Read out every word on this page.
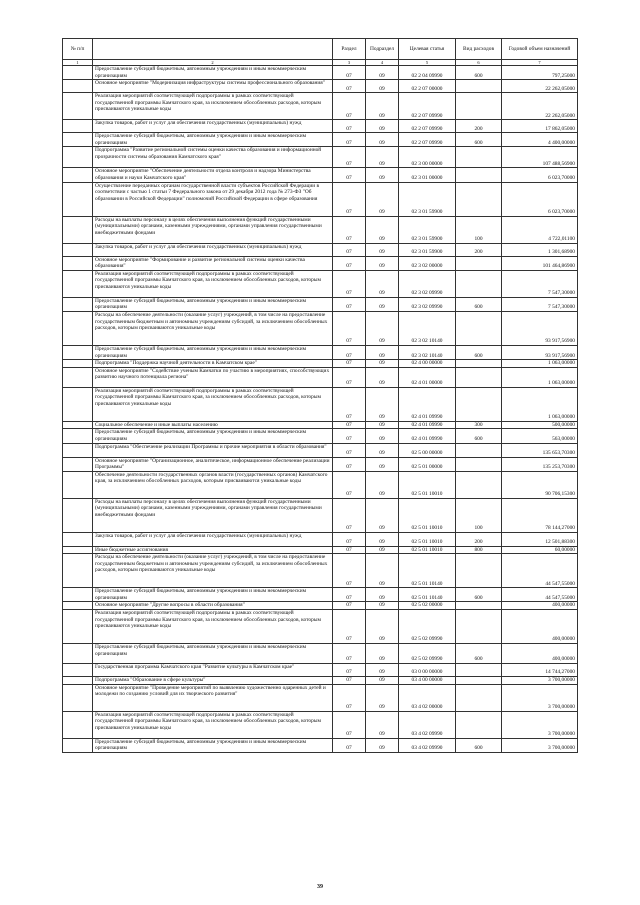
№ п/п		Раздел	Подраздел	Целевая статья	Вид расходов	Годовой объем назначений
1	2	3	4	5	6	7
	Предоставление субсидий бюджетным, автономным учреждениям и иным некоммерческим организациям	07	09	02 2 04 09990	600	797,25000
	Основное мероприятие "Модернизация инфраструктуры системы профессионального образования"	07	09	02 2 07 00000		22 262,05000
	Реализация мероприятий соответствующей подпрограммы в рамках соответствующей государственной программы Камчатского края, за исключением обособленных расходов, которым присваиваются уникальные коды	07	09	02 2 07 09990		22 262,05000
	Закупка товаров, работ и услуг для обеспечения государственных (муниципальных) нужд	07	09	02 2 07 09990	200	17 862,05000
	Предоставление субсидий бюджетным, автономным учреждениям и иным некоммерческим организациям	07	09	02 2 07 09990	600	4 400,00000
	Подпрограмма "Развитие региональной системы оценки качества образования и информационной прозрачности системы образования Камчатского края"	07	09	02 3 00 00000		107 488,56900
	Основное мероприятие "Обеспечение деятельности отдела контроля и надзора Министерства образования и науки Камчатского края"	07	09	02 3 01 00000		6 023,70000
	Осуществление переданных органам государственной власти субъектов Российской Федерации в соответствии с частью 1 статьи 7 Федерального закона от 29 декабря 2012 года № 273-ФЗ "Об образовании в Российской Федерации" полномочий Российской Федерации в сфере образования	07	09	02 3 01 59900		6 023,70000
	Расходы на выплаты персоналу в целях обеспечения выполнения функций государственными (муниципальными) органами, казенными учреждениями, органами управления государственными внебюджетными фондами	07	09	02 3 01 59900	100	4 722,01100
	Закупка товаров, работ и услуг для обеспечения государственных (муниципальных) нужд	07	09	02 3 01 59900	200	1 301,68900
	Основное мероприятие "Формирование и развитие региональной системы оценки качества образования"	07	09	02 3 02 00000		101 464,86900
	Реализация мероприятий соответствующей подпрограммы в рамках соответствующей государственной программы Камчатского края, за исключением обособленных расходов, которым присваиваются уникальные коды	07	09	02 3 02 09990		7 547,30000
	Предоставление субсидий бюджетным, автономным учреждениям и иным некоммерческим организациям	07	09	02 3 02 09990	600	7 547,30000
	Расходы на обеспечение деятельности (оказание услуг) учреждений, в том числе на предоставление государственным бюджетным и автономным учреждениям субсидий, за исключением обособленных расходов, которым присваиваются уникальные коды	07	09	02 3 02 10140		93 917,56900
	Предоставление субсидий бюджетным, автономным учреждениям и иным некоммерческим организациям	07	09	02 3 02 10140	600	93 917,56900
	Подпрограмма "Поддержка научной деятельности в Камчатском крае"	07	09	02 4 00 00000		1 063,00000
	Основное мероприятие "Содействие ученым Камчатки по участию в мероприятиях, способствующих развитию научного потенциала региона"	07	09	02 4 01 00000		1 063,00000
	Реализация мероприятий соответствующей подпрограммы в рамках соответствующей государственной программы Камчатского края, за исключением обособленных расходов, которым присваиваются уникальные коды	07	09	02 4 01 09990		1 063,00000
	Социальное обеспечение и иные выплаты населению	07	09	02 4 01 09990	300	500,00000
	Предоставление субсидий бюджетным, автономным учреждениям и иным некоммерческим организациям	07	09	02 4 01 09990	600	563,00000
	Подпрограмма "Обеспечение реализации Программы и прочие мероприятия в области образования"	07	09	02 5 00 00000		135 653,70300
	Основное мероприятие "Организационное, аналитическое, информационное обеспечение реализации Программы"	07	09	02 5 01 00000		135 253,70300
	Обеспечение деятельности государственных органов власти (государственных органов) Камчатского края, за исключением обособленных расходов, которым присваиваются уникальные коды	07	09	02 5 01 10010		90 706,15300
	Расходы на выплаты персоналу в целях обеспечения выполнения функций государственными (муниципальными) органами, казенными учреждениями, органами управления государственными внебюджетными фондами	07	09	02 5 01 10010	100	78 144,27000
	Закупка товаров, работ и услуг для обеспечения государственных (муниципальных) нужд	07	09	02 5 01 10010	200	12 501,88300
	Иные бюджетные ассигнования	07	09	02 5 01 10010	800	60,00000
	Расходы на обеспечение деятельности (оказание услуг) учреждений, в том числе на предоставление государственным бюджетным и автономным учреждениям субсидий, за исключением обособленных расходов, которым присваиваются уникальные коды	07	09	02 5 01 10140		44 547,55000
	Предоставление субсидий бюджетным, автономным учреждениям и иным некоммерческим организациям	07	09	02 5 01 10140	600	44 547,55000
	Основное мероприятие "Другие вопросы в области образования"	07	09	02 5 02 00000		400,00000
	Реализация мероприятий соответствующей подпрограммы в рамках соответствующей государственной программы Камчатского края, за исключением обособленных расходов, которым присваиваются уникальные коды	07	09	02 5 02 09990		400,00000
	Предоставление субсидий бюджетным, автономным учреждениям и иным некоммерческим организациям	07	09	02 5 02 09990	600	400,00000
	Государственная программа Камчатского края "Развитие культуры в Камчатском крае"	07	09	03 0 00 00000		14 744,27000
	Подпрограмма "Образование в сфере культуры"	07	09	03 4 00 00000		3 700,00000
	Основное мероприятие "Проведение мероприятий по выявлению художественно одаренных детей и молодежи по созданию условий для их творческого развития"	07	09	03 4 02 00000		3 700,00000
	Реализация мероприятий соответствующей подпрограммы в рамках соответствующей государственной программы Камчатского края, за исключением обособленных расходов, которым присваиваются уникальные коды	07	09	03 4 02 09990		3 700,00000
	Предоставление субсидий бюджетным, автономным учреждениям и иным некоммерческим организациям	07	09	03 4 02 09990	600	3 700,00000
39
